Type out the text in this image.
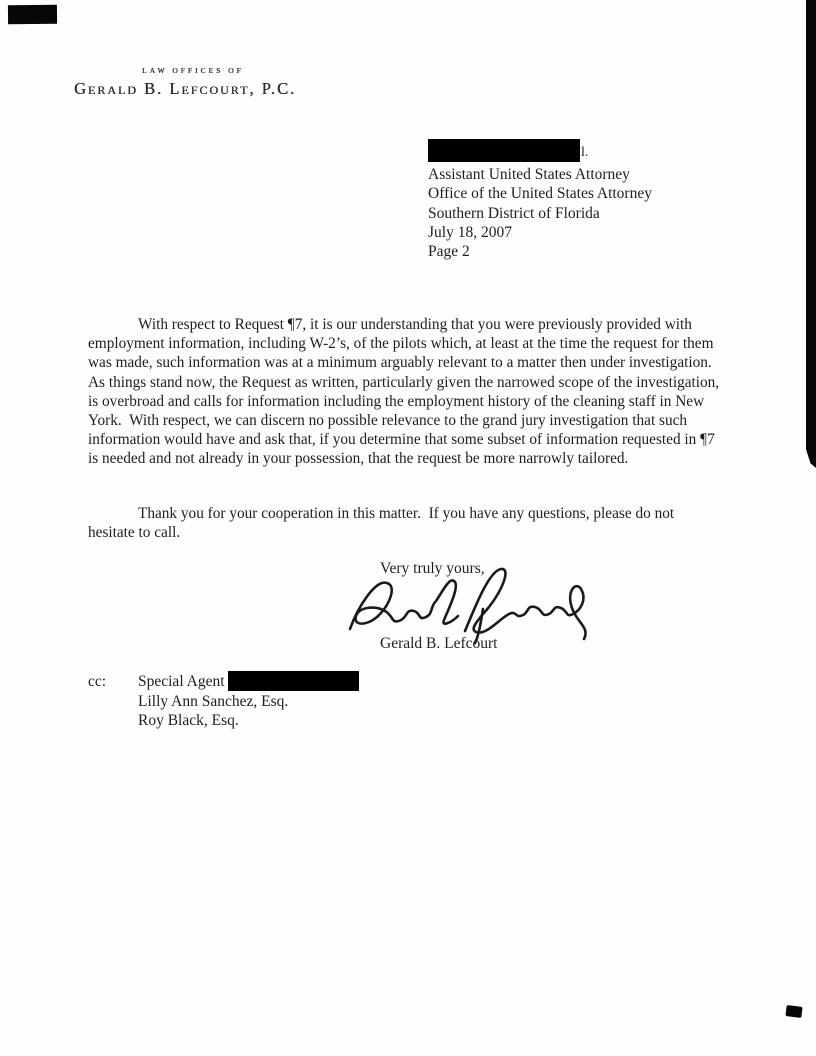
LAW OFFICES OF
Gerald B. Lefcourt, P.C.
l.
Assistant United States Attorney
Office of the United States Attorney
Southern District of Florida
July 18, 2007
Page 2
With respect to Request ¶7, it is our understanding that you were previously provided with employment information, including W-2’s, of the pilots which, at least at the time the request for them was made, such information was at a minimum arguably relevant to a matter then under investigation.  As things stand now, the Request as written, particularly given the narrowed scope of the investigation, is overbroad and calls for information including the employment history of the cleaning staff in New York.  With respect, we can discern no possible relevance to the grand jury investigation that such information would have and ask that, if you determine that some subset of information requested in ¶7 is needed and not already in your possession, that the request be more narrowly tailored.
Thank you for your cooperation in this matter.  If you have any questions, please do not hesitate to call.
Very truly yours,
Gerald B. Lefcourt
cc:	Special Agent
Lilly Ann Sanchez, Esq.
Roy Black, Esq.
